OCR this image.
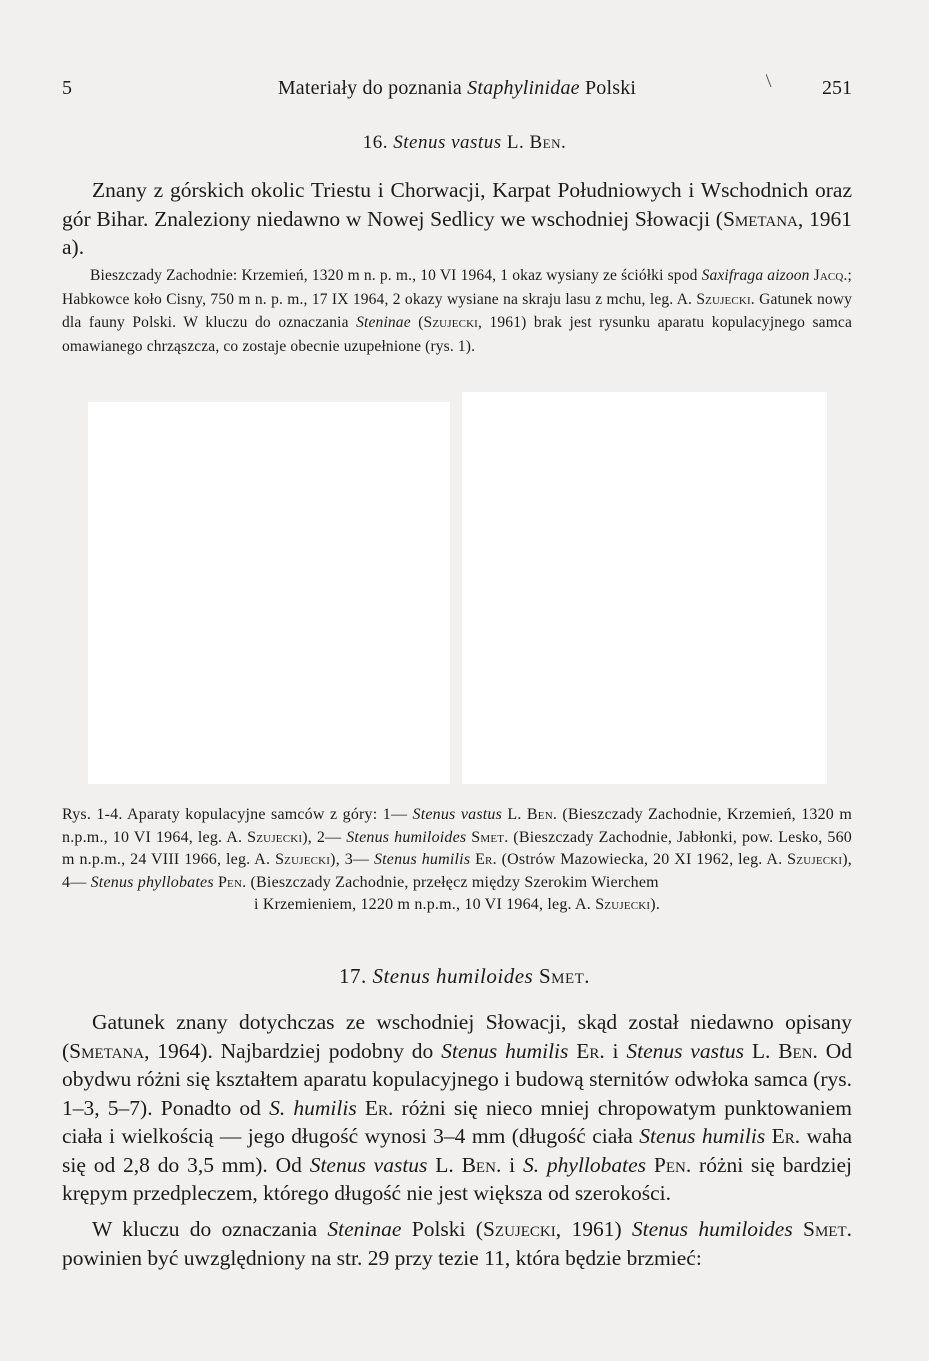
5	Materiały do poznania Staphylinidae Polski	251
16. Stenus vastus L. Ben.

Znany z górskich okolic Triestu i Chorwacji, Karpat Południowych i Wschodnich oraz gór Bihar. Znaleziony niedawno w Nowej Sedlicy we wschodniej Słowacji (Smetana, 1961 a).

Bieszczady Zachodnie: Krzemień, 1320 m n. p. m., 10 VI 1964, 1 okaz wysiany ze ściółki spod Saxifraga aizoon Jacq.; Habkowce koło Cisny, 750 m n. p. m., 17 IX 1964, 2 okazy wysiane na skraju lasu z mchu, leg. A. Szujecki. Gatunek nowy dla fauny Polski. W kluczu do oznaczania Steninae (Szujecki, 1961) brak jest rysunku aparatu kopulacyjnego samca omawianego chrząszcza, co zostaje obecnie uzupełnione (rys. 1).

Rys. 1-4. Aparaty kopulacyjne samców z góry: 1— Stenus vastus L. Ben. (Bieszczady Zachodnie, Krzemień, 1320 m n.p.m., 10 VI 1964, leg. A. Szujecki), 2— Stenus humiloides Smet. (Bieszczady Zachodnie, Jabłonki, pow. Lesko, 560 m n.p.m., 24 VIII 1966, leg. A. Szujecki), 3— Stenus humilis Er. (Ostrów Mazowiecka, 20 XI 1962, leg. A. Szujecki), 4— Stenus phyllobates Pen. (Bieszczady Zachodnie, przełęcz między Szerokim Wierchem
i Krzemieniem, 1220 m n.p.m., 10 VI 1964, leg. A. Szujecki).

17. Stenus humiloides Smet.

Gatunek znany dotychczas ze wschodniej Słowacji, skąd został niedawno opisany (Smetana, 1964). Najbardziej podobny do Stenus humilis Er. i Stenus vastus L. Ben. Od obydwu różni się kształtem aparatu kopulacyjnego i budową sternitów odwłoka samca (rys. 1–3, 5–7). Ponadto od S. humilis Er. różni się nieco mniej chropowatym punktowaniem ciała i wielkością — jego długość wynosi 3–4 mm (długość ciała Stenus humilis Er. waha się od 2,8 do 3,5 mm). Od Stenus vastus L. Ben. i S. phyllobates Pen. różni się bardziej krępym przedpleczem, którego długość nie jest większa od szerokości.

W kluczu do oznaczania Steninae Polski (Szujecki, 1961) Stenus humiloides Smet. powinien być uwzględniony na str. 29 przy tezie 11, która będzie brzmieć:
